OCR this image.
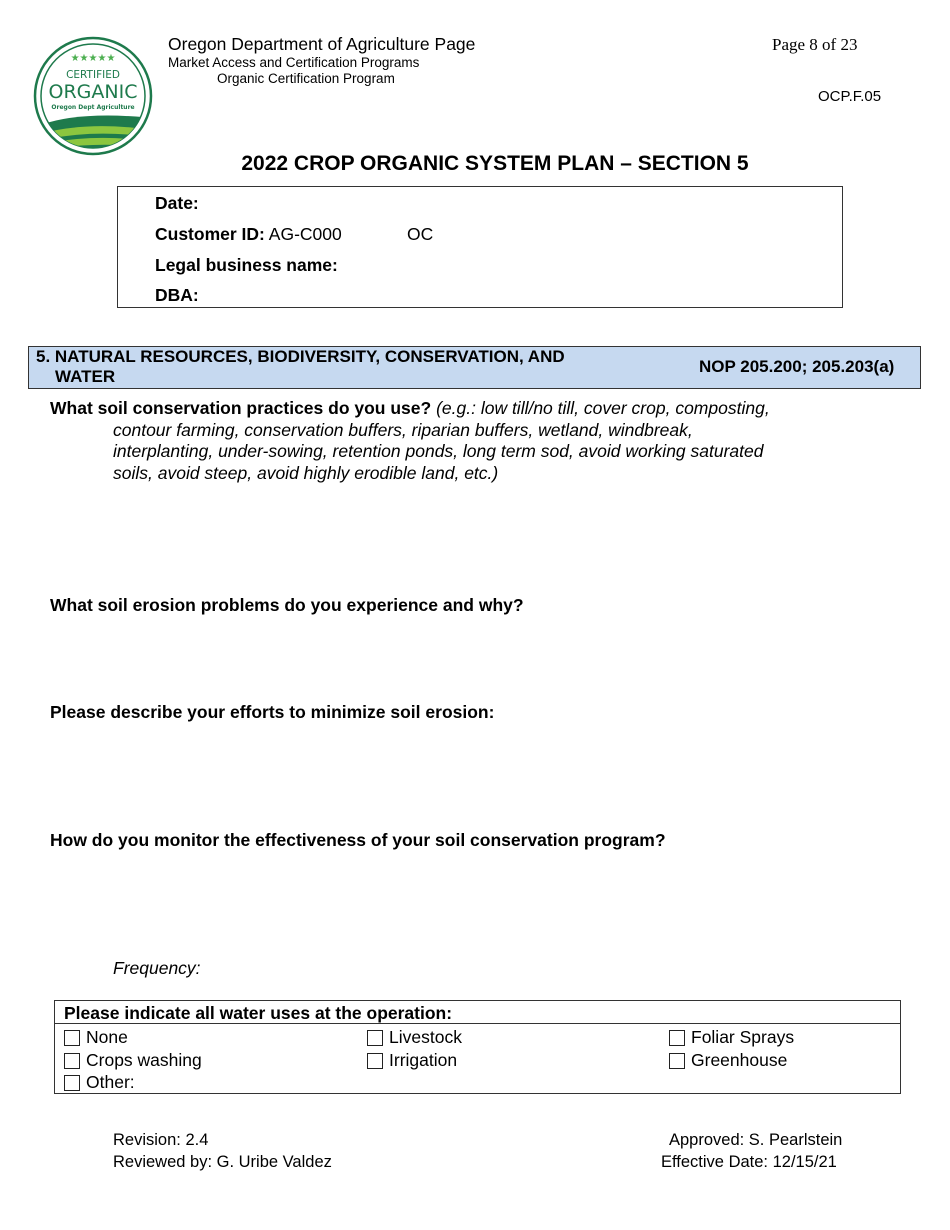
★★★★★
CERTIFIED
ORGANIC
Oregon Dept Agriculture
Oregon Department of Agriculture Page
Market Access and Certification Programs
Organic Certification Program
Page 8 of 23
OCP.F.05
2022 CROP ORGANIC SYSTEM PLAN – SECTION 5
Date:
Customer ID: AG-C000	OC
Legal business name:
DBA:
5. NATURAL RESOURCES, BIODIVERSITY, CONSERVATION, AND
WATER
NOP 205.200; 205.203(a)
What soil conservation practices do you use? (e.g.: low till/no till, cover crop, composting,
contour farming, conservation buffers, riparian buffers, wetland, windbreak,
interplanting, under-sowing, retention ponds, long term sod, avoid working saturated
soils, avoid steep, avoid highly erodible land, etc.)
What soil erosion problems do you experience and why?
Please describe your efforts to minimize soil erosion:
How do you monitor the effectiveness of your soil conservation program?
Frequency:
Please indicate all water uses at the operation:
None	Livestock	Foliar Sprays
Crops washing	Irrigation	Greenhouse
Other:
Revision: 2.4
Reviewed by: G. Uribe Valdez
Approved: S. Pearlstein
Effective Date: 12/15/21
